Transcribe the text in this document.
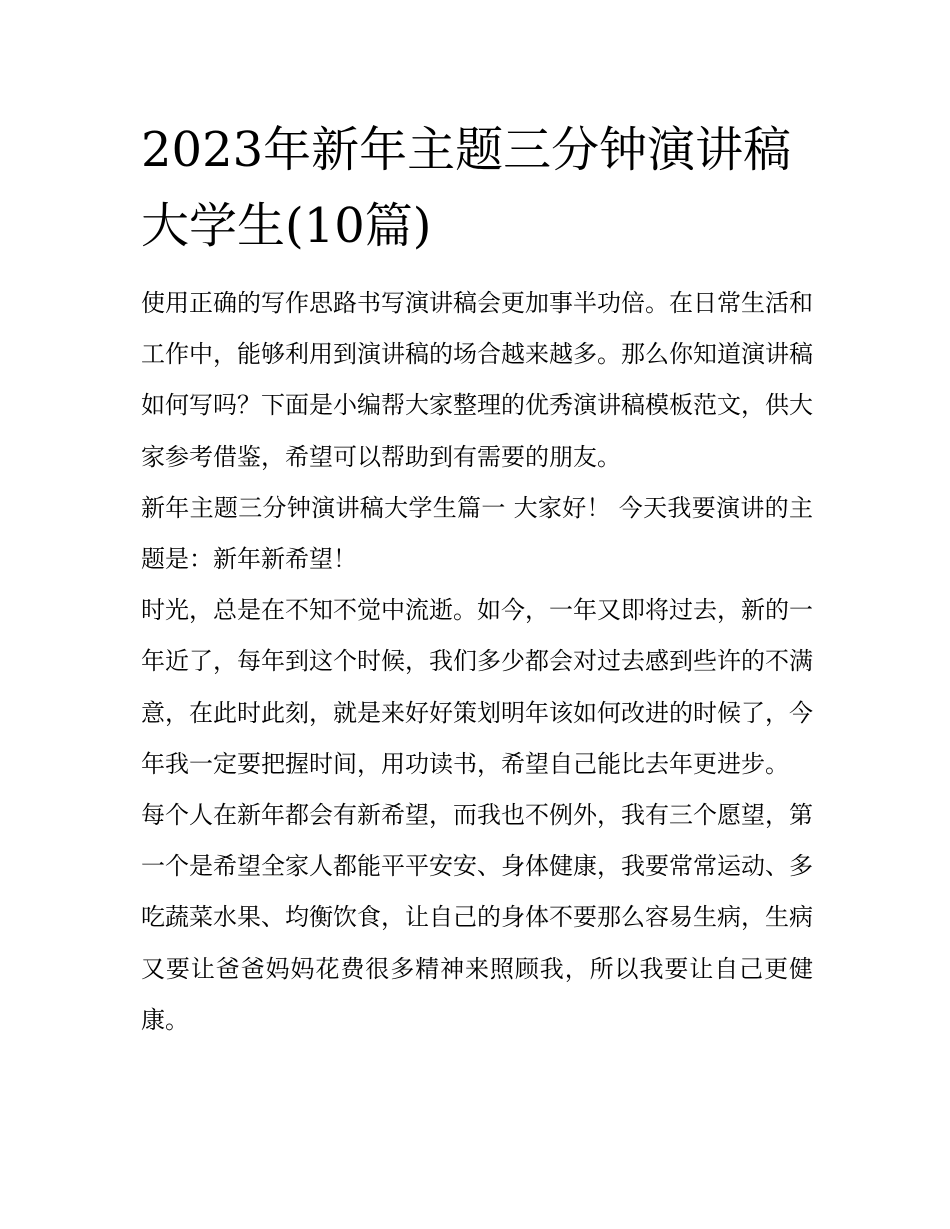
2023年新年主题三分钟演讲稿
大学生(10篇)

使用正确的写作思路书写演讲稿会更加事半功倍。在日常生活和工作中，能够利用到演讲稿的场合越来越多。那么你知道演讲稿如何写吗？下面是小编帮大家整理的优秀演讲稿模板范文，供大家参考借鉴，希望可以帮助到有需要的朋友。

新年主题三分钟演讲稿大学生篇一 大家好！ 今天我要演讲的主题是：新年新希望！

时光，总是在不知不觉中流逝。如今，一年又即将过去，新的一年近了，每年到这个时候，我们多少都会对过去感到些许的不满意，在此时此刻，就是来好好策划明年该如何改进的时候了，今年我一定要把握时间，用功读书，希望自己能比去年更进步。

每个人在新年都会有新希望，而我也不例外，我有三个愿望，第一个是希望全家人都能平平安安、身体健康，我要常常运动、多吃蔬菜水果、均衡饮食，让自己的身体不要那么容易生病，生病又要让爸爸妈妈花费很多精神来照顾我，所以我要让自己更健康。
